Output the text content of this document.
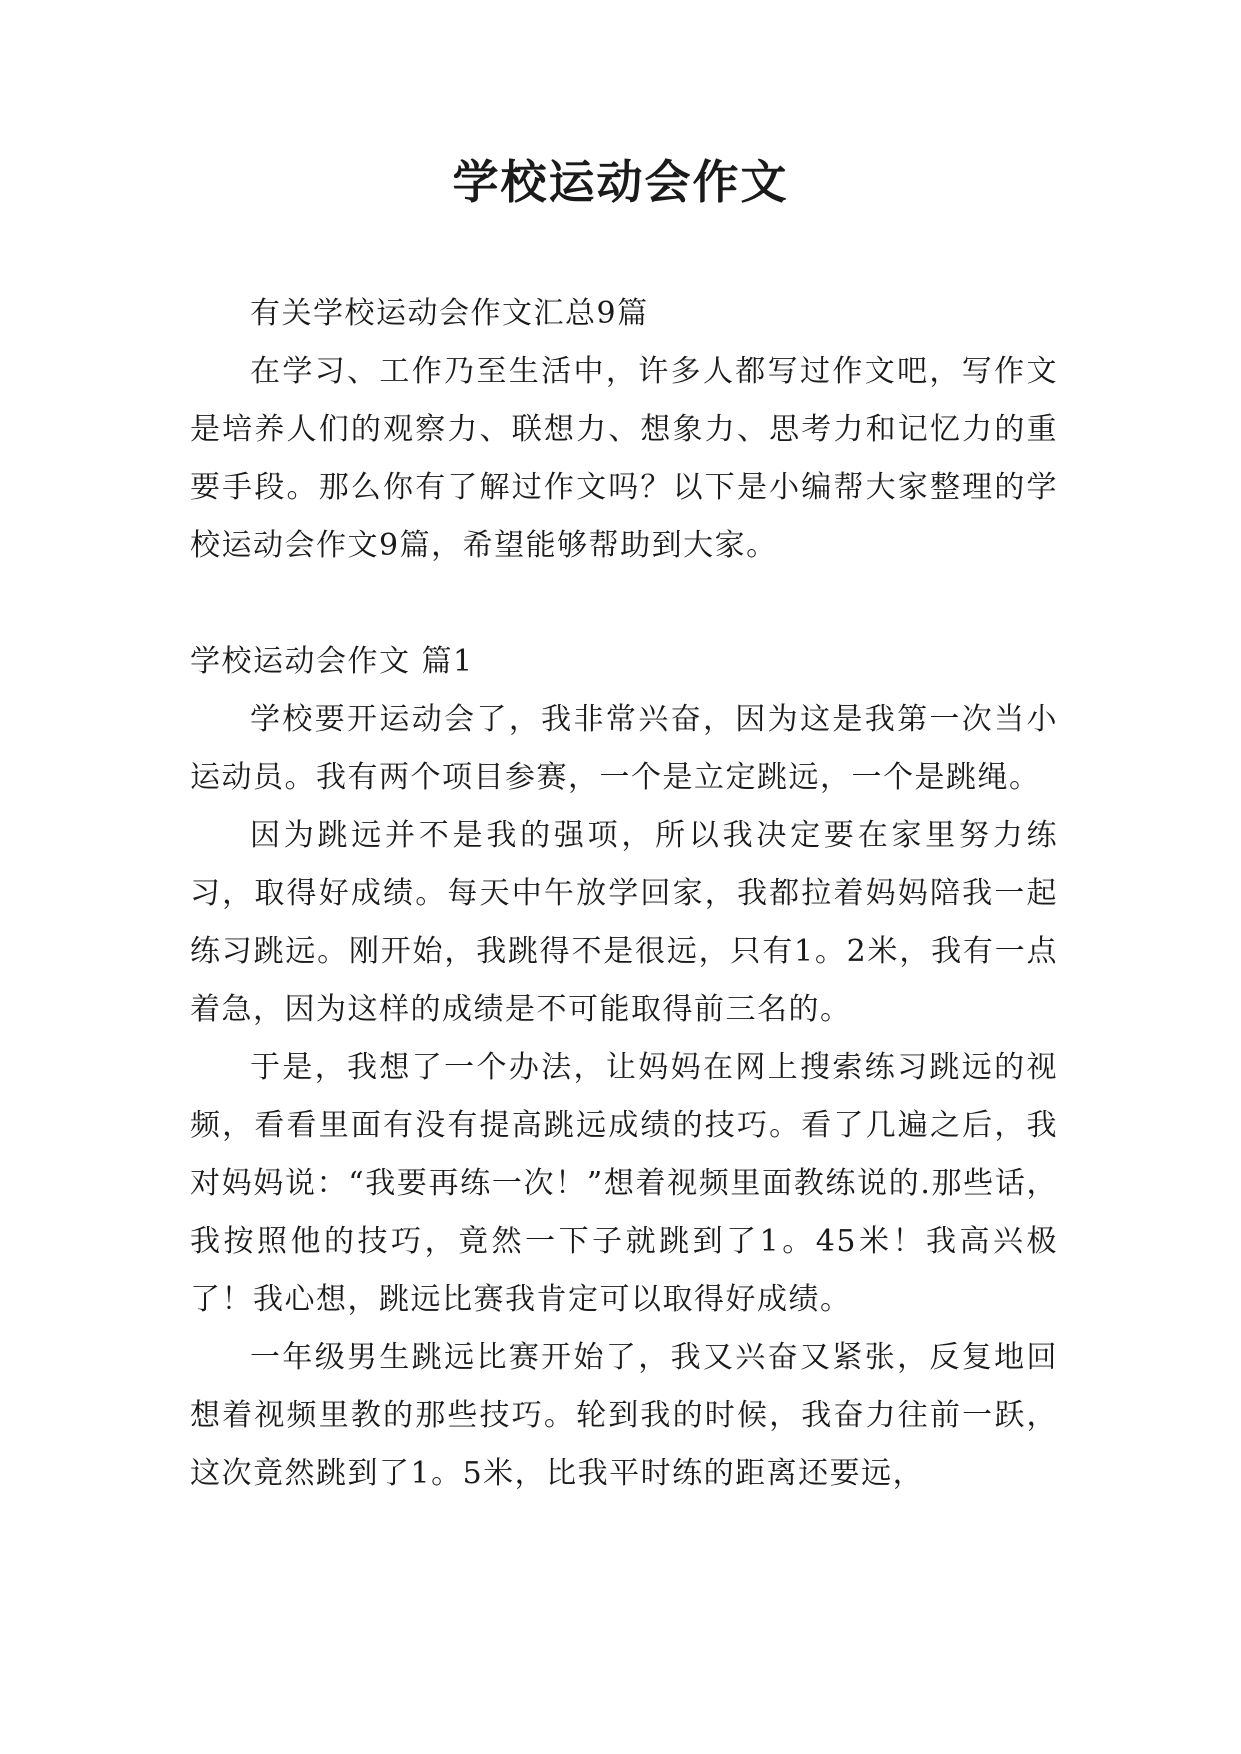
学校运动会作文

有关学校运动会作文汇总9篇

在学习、工作乃至生活中，许多人都写过作文吧，写作文是培养人们的观察力、联想力、想象力、思考力和记忆力的重要手段。那么你有了解过作文吗？以下是小编帮大家整理的学校运动会作文9篇，希望能够帮助到大家。

学校运动会作文 篇1

学校要开运动会了，我非常兴奋，因为这是我第一次当小运动员。我有两个项目参赛，一个是立定跳远，一个是跳绳。

因为跳远并不是我的强项，所以我决定要在家里努力练习，取得好成绩。每天中午放学回家，我都拉着妈妈陪我一起练习跳远。刚开始，我跳得不是很远，只有1。2米，我有一点着急，因为这样的成绩是不可能取得前三名的。

于是，我想了一个办法，让妈妈在网上搜索练习跳远的视频，看看里面有没有提高跳远成绩的技巧。看了几遍之后，我对妈妈说：“我要再练一次！”想着视频里面教练说的.那些话，我按照他的技巧，竟然一下子就跳到了1。45米！我高兴极了！我心想，跳远比赛我肯定可以取得好成绩。

一年级男生跳远比赛开始了，我又兴奋又紧张，反复地回想着视频里教的那些技巧。轮到我的时候，我奋力往前一跃，这次竟然跳到了1。5米，比我平时练的距离还要远，
